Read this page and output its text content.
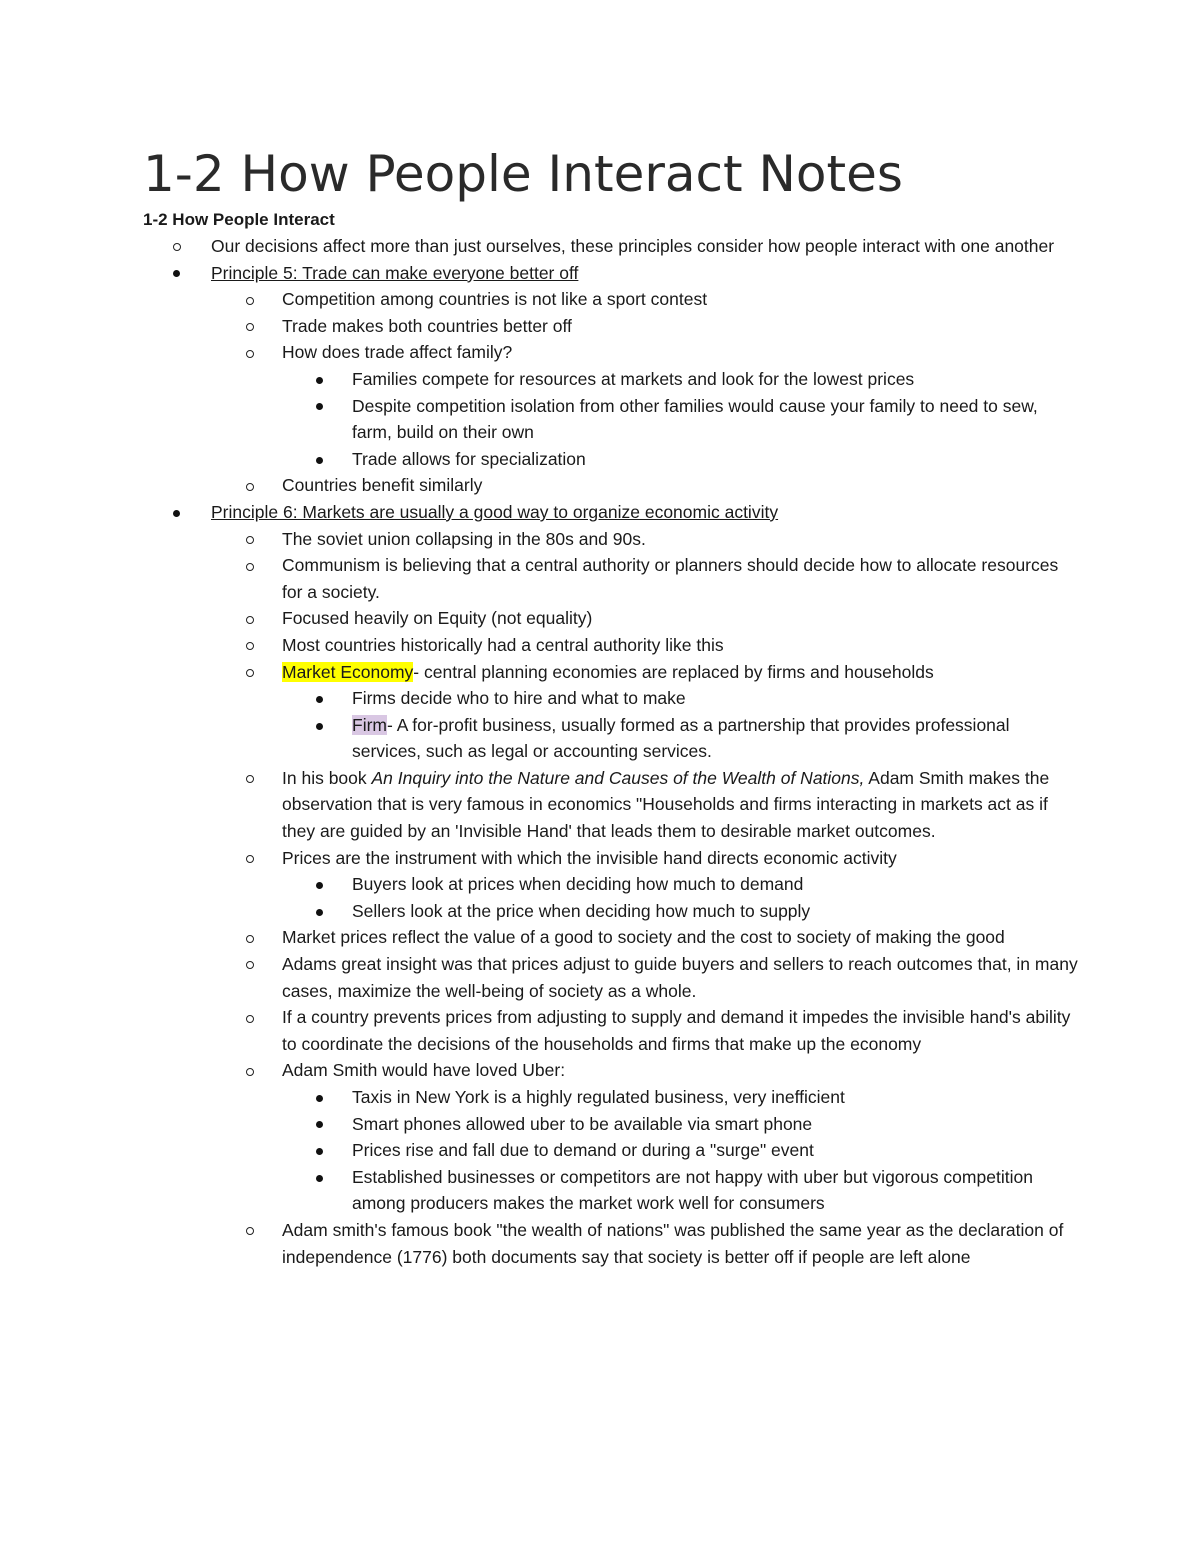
1-2 How People Interact Notes
1-2 How People Interact
Our decisions affect more than just ourselves, these principles consider how people interact with one another
Principle 5: Trade can make everyone better off
Competition among countries is not like a sport contest
Trade makes both countries better off
How does trade affect family?
Families compete for resources at markets and look for the lowest prices
Despite competition isolation from other families would cause your family to need to sew, farm, build on their own
Trade allows for specialization
Countries benefit similarly
Principle 6: Markets are usually a good way to organize economic activity
The soviet union collapsing in the 80s and 90s.
Communism is believing that a central authority or planners should decide how to allocate resources for a society.
Focused heavily on Equity (not equality)
Most countries historically had a central authority like this
Market Economy- central planning economies are replaced by firms and households
Firms decide who to hire and what to make
Firm- A for-profit business, usually formed as a partnership that provides professional services, such as legal or accounting services.
In his book An Inquiry into the Nature and Causes of the Wealth of Nations, Adam Smith makes the observation that is very famous in economics "Households and firms interacting in markets act as if they are guided by an 'Invisible Hand' that leads them to desirable market outcomes.
Prices are the instrument with which the invisible hand directs economic activity
Buyers look at prices when deciding how much to demand
Sellers look at the price when deciding how much to supply
Market prices reflect the value of a good to society and the cost to society of making the good
Adams great insight was that prices adjust to guide buyers and sellers to reach outcomes that, in many cases, maximize the well-being of society as a whole.
If a country prevents prices from adjusting to supply and demand it impedes the invisible hand's ability to coordinate the decisions of the households and firms that make up the economy
Adam Smith would have loved Uber:
Taxis in New York is a highly regulated business, very inefficient
Smart phones allowed uber to be available via smart phone
Prices rise and fall due to demand or during a "surge" event
Established businesses or competitors are not happy with uber but vigorous competition among producers makes the market work well for consumers
Adam smith's famous book "the wealth of nations" was published the same year as the declaration of independence (1776) both documents say that society is better off if people are left alone
